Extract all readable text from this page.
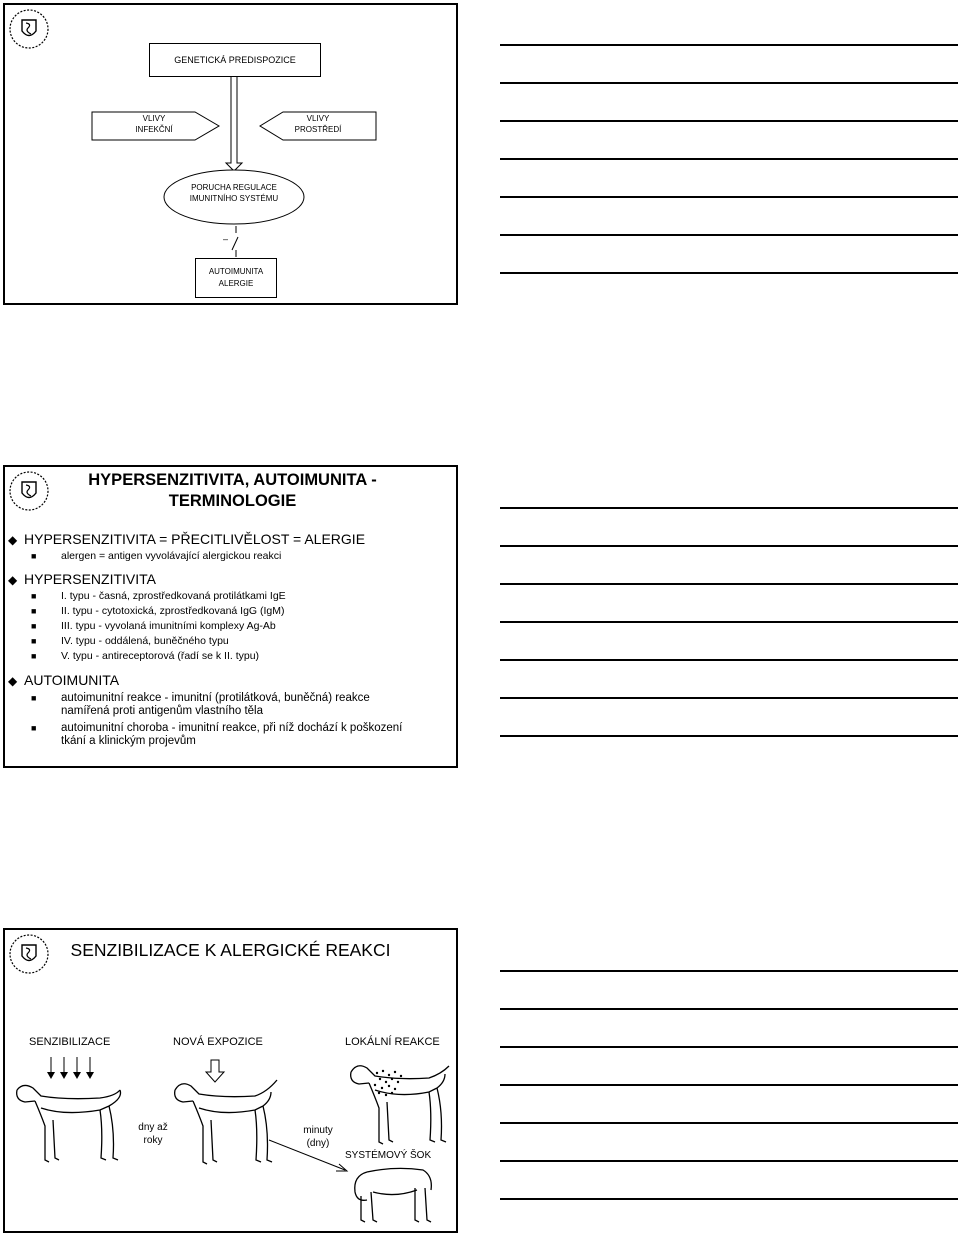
GENETICKÁ PREDISPOZICE
VLIVY
INFEKČNÍ
VLIVY
PROSTŘEDÍ
PORUCHA REGULACE
IMUNITNÍHO SYSTÉMU
–
AUTOIMUNITA
ALERGIE
HYPERSENZITIVITA, AUTOIMUNITA -
TERMINOLOGIE
◆ HYPERSENZITIVITA = PŘECITLIVĚLOST = ALERGIE
■ alergen = antigen vyvolávající alergickou reakci
◆ HYPERSENZITIVITA
■ I. typu - časná, zprostředkovaná protilátkami IgE
■ II. typu - cytotoxická, zprostředkovaná IgG (IgM)
■ III. typu - vyvolaná imunitními komplexy Ag-Ab
■ IV. typu - oddálená, buněčného typu
■ V. typu - antireceptorová (řadí se k II. typu)
◆ AUTOIMUNITA
■ autoimunitní reakce - imunitní (protilátková, buněčná) reakce
namířená proti antigenům vlastního těla
■ autoimunitní choroba - imunitní reakce, při níž dochází k poškození
tkání a klinickým projevům
SENZIBILIZACE K ALERGICKÉ REAKCI
SENZIBILIZACE	NOVÁ EXPOZICE	LOKÁLNÍ REAKCE
dny až
roky
minuty
(dny)
SYSTÉMOVÝ ŠOK
